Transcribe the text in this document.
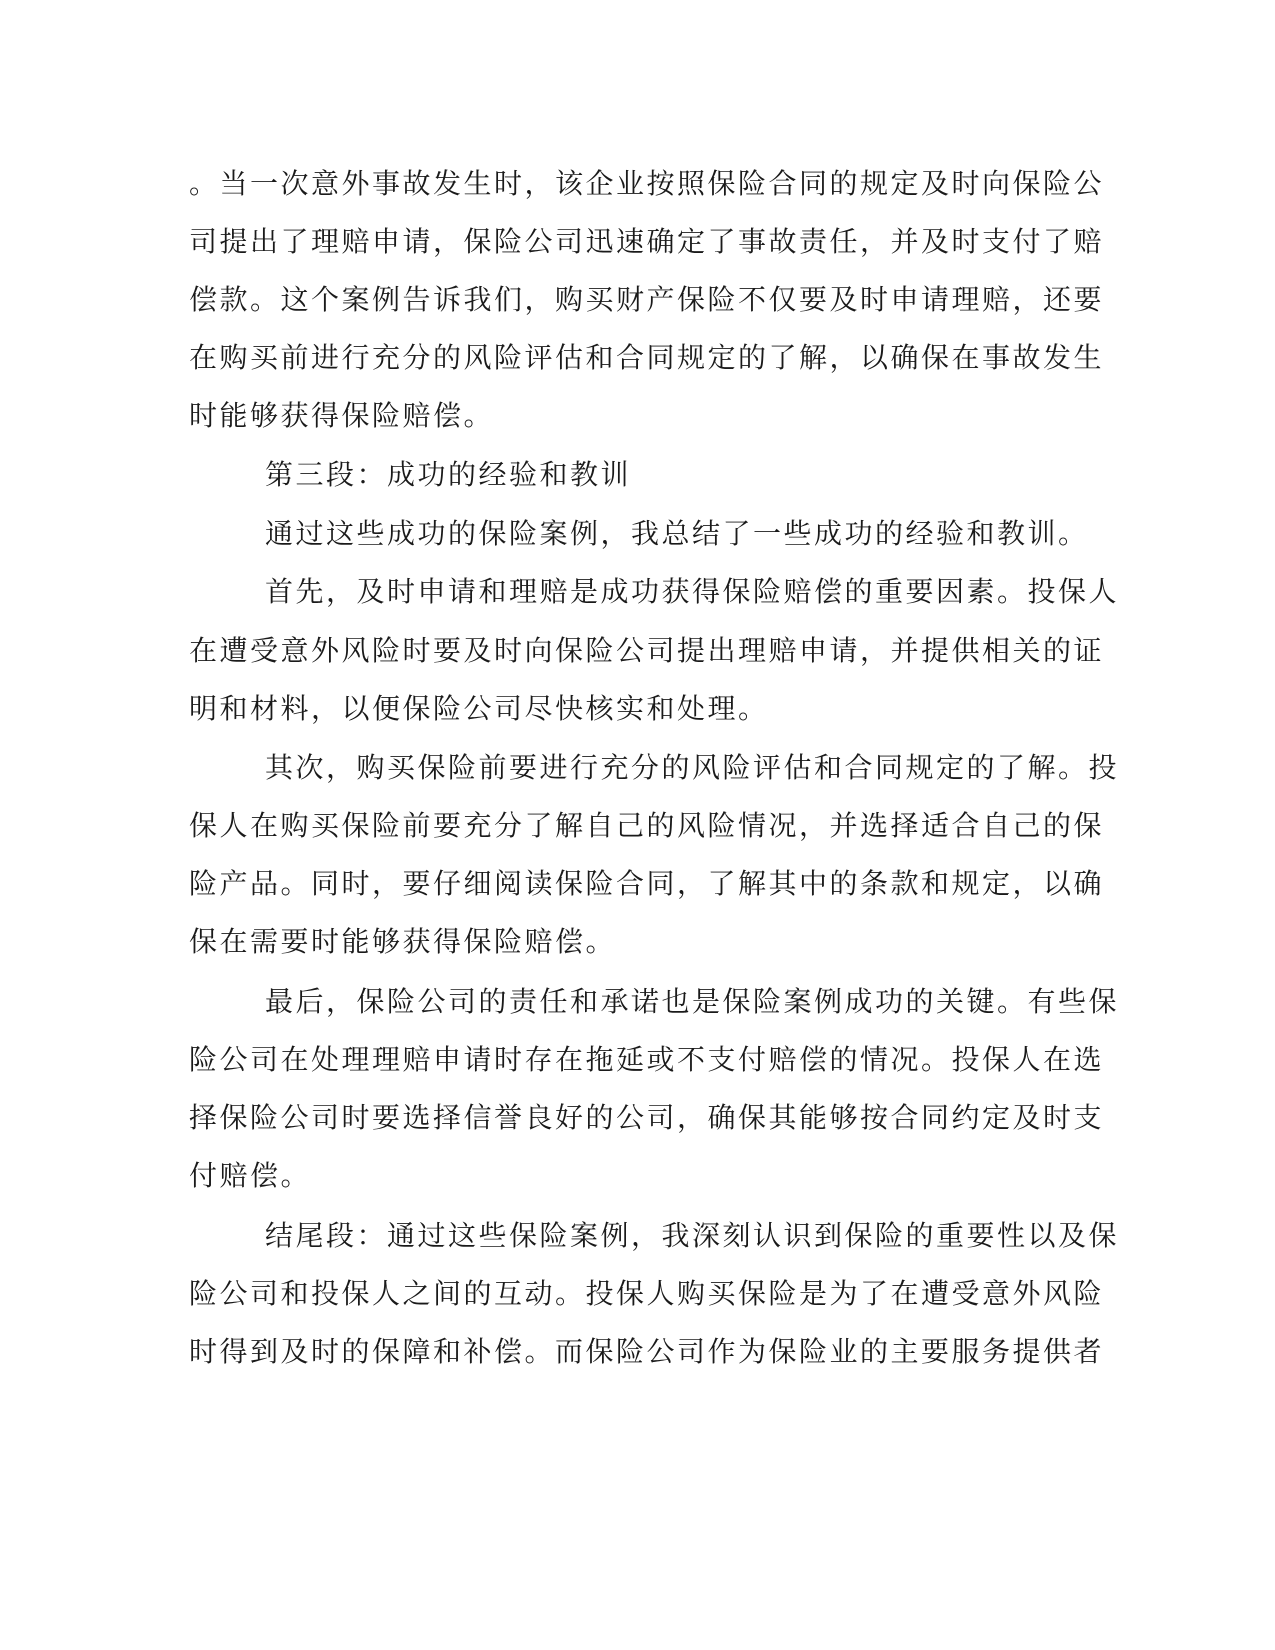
。当一次意外事故发生时，该企业按照保险合同的规定及时向保险公
司提出了理赔申请，保险公司迅速确定了事故责任，并及时支付了赔
偿款。这个案例告诉我们，购买财产保险不仅要及时申请理赔，还要
在购买前进行充分的风险评估和合同规定的了解，以确保在事故发生
时能够获得保险赔偿。
第三段：成功的经验和教训
通过这些成功的保险案例，我总结了一些成功的经验和教训。
首先，及时申请和理赔是成功获得保险赔偿的重要因素。投保人
在遭受意外风险时要及时向保险公司提出理赔申请，并提供相关的证
明和材料，以便保险公司尽快核实和处理。
其次，购买保险前要进行充分的风险评估和合同规定的了解。投
保人在购买保险前要充分了解自己的风险情况，并选择适合自己的保
险产品。同时，要仔细阅读保险合同，了解其中的条款和规定，以确
保在需要时能够获得保险赔偿。
最后，保险公司的责任和承诺也是保险案例成功的关键。有些保
险公司在处理理赔申请时存在拖延或不支付赔偿的情况。投保人在选
择保险公司时要选择信誉良好的公司，确保其能够按合同约定及时支
付赔偿。
结尾段：通过这些保险案例，我深刻认识到保险的重要性以及保
险公司和投保人之间的互动。投保人购买保险是为了在遭受意外风险
时得到及时的保障和补偿。而保险公司作为保险业的主要服务提供者
